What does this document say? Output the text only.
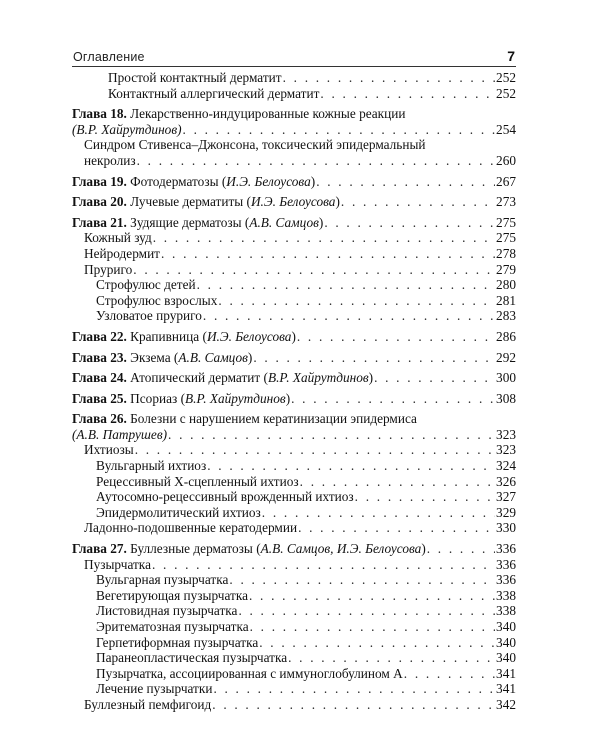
Оглавление	7
Простой контактный дерматит . . .	252
Контактный аллергический дерматит . . .	252
Глава 18. Лекарственно-индуцированные кожные реакции
(В.Р. Хайрутдинов) . . .	254
Синдром Стивенса–Джонсона, токсический эпидермальный
некролиз . . .	260
Глава 19. Фотодерматозы (И.Э. Белоусова) . . .	267
Глава 20. Лучевые дерматиты (И.Э. Белоусова) . . .	273
Глава 21. Зудящие дерматозы (А.В. Самцов) . . .	275
Кожный зуд . . .	275
Нейродермит . . .	278
Пруриго . . .	279
Строфулюс детей . . .	280
Строфулюс взрослых . . .	281
Узловатое пруриго . . .	283
Глава 22. Крапивница (И.Э. Белоусова) . . .	286
Глава 23. Экзема (А.В. Самцов) . . .	292
Глава 24. Атопический дерматит (В.Р. Хайрутдинов) . . .	300
Глава 25. Псориаз (В.Р. Хайрутдинов) . . .	308
Глава 26. Болезни с нарушением кератинизации эпидермиса
(А.В. Патрушев) . . .	323
Ихтиозы . . .	323
Вульгарный ихтиоз . . .	324
Рецессивный Х-сцепленный ихтиоз . . .	326
Аутосомно-рецессивный врожденный ихтиоз . . .	327
Эпидермолитический ихтиоз . . .	329
Ладонно-подошвенные кератодермии . . .	330
Глава 27. Буллезные дерматозы (А.В. Самцов, И.Э. Белоусова) . . .	336
Пузырчатка . . .	336
Вульгарная пузырчатка . . .	336
Вегетирующая пузырчатка . . .	338
Листовидная пузырчатка . . .	338
Эритематозная пузырчатка . . .	340
Герпетиформная пузырчатка . . .	340
Паранеопластическая пузырчатка . . .	340
Пузырчатка, ассоциированная с иммуноглобулином А . . .	341
Лечение пузырчатки . . .	341
Буллезный пемфигоид . . .	342
